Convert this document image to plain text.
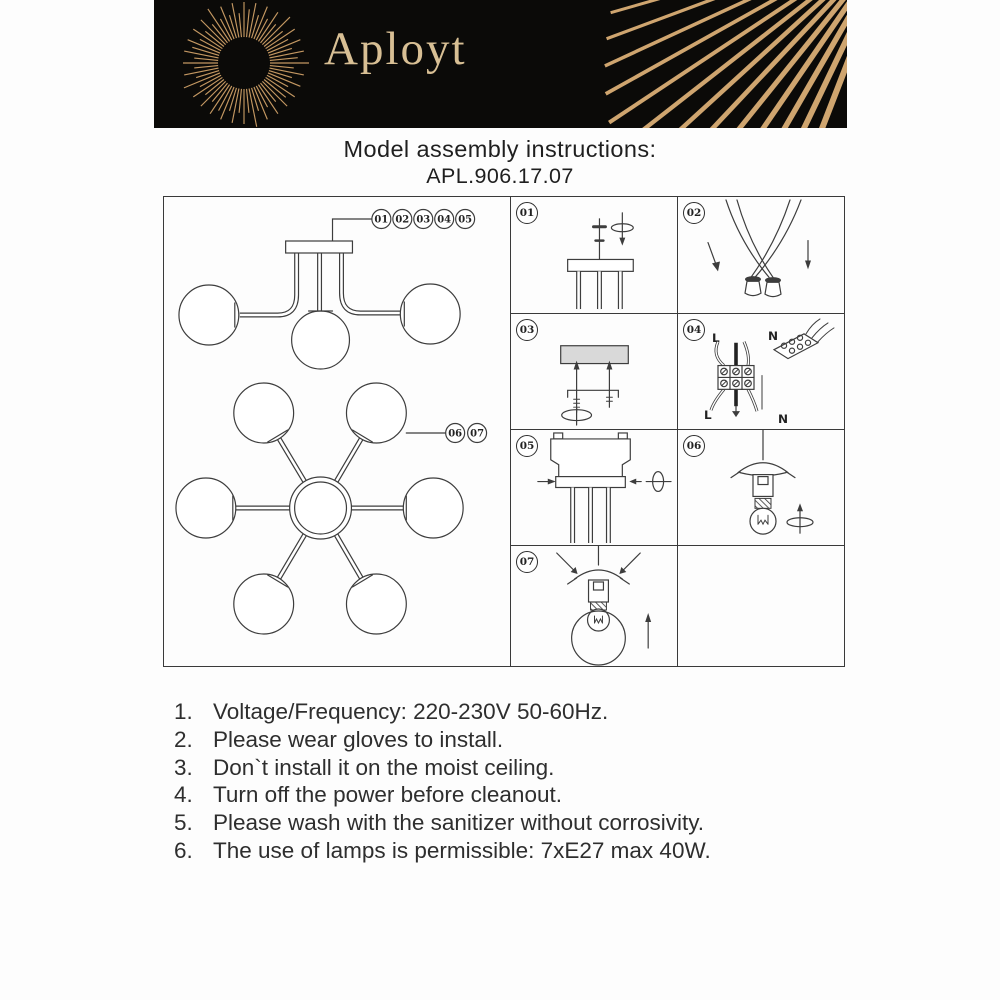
Aployt
Model assembly instructions:
APL.906.17.07
01 02 03 04 05
06 07
01	02
03	04
L	N
L	N
05	06
07
1. Voltage/Frequency: 220-230V 50-60Hz.
2. Please wear gloves to install.
3. Don`t install it on the moist ceiling.
4. Turn off the power before cleanout.
5. Please wash with the sanitizer without corrosivity.
6. The use of lamps is permissible: 7xE27 max 40W.
